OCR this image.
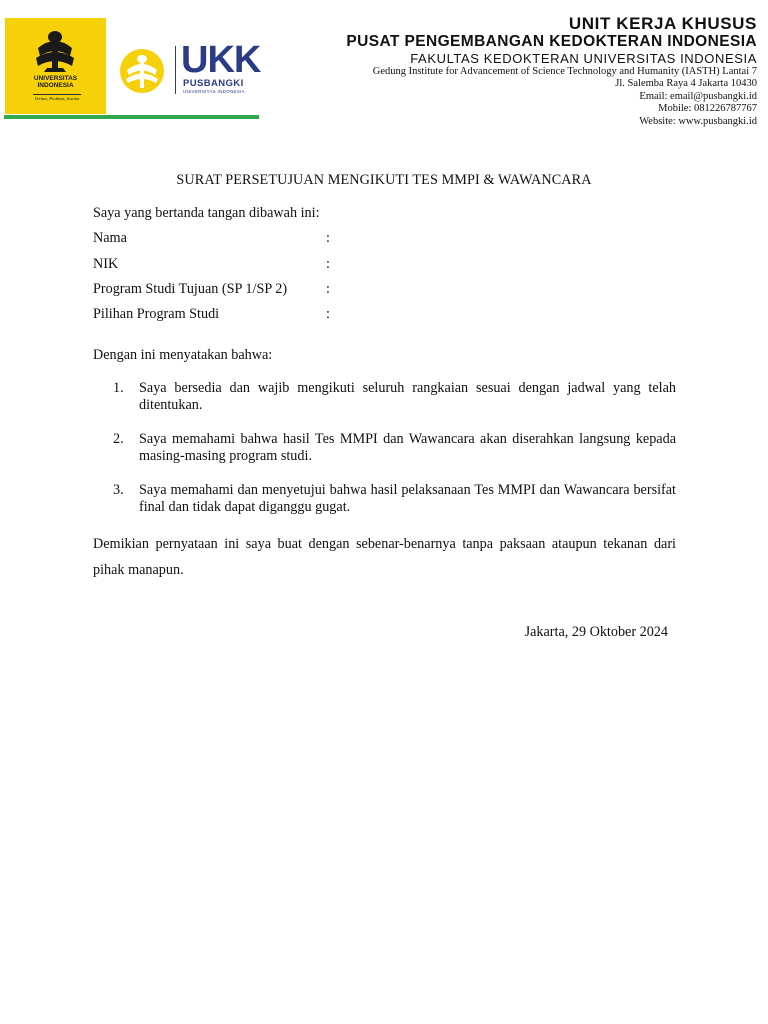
UNIVERSITAS
INDONESIA
Veritas, Probitas, Iustitia
UKK
PUSBANGKI
UNIVERSITAS INDONESIA
UNIT KERJA KHUSUS
PUSAT PENGEMBANGAN KEDOKTERAN INDONESIA
FAKULTAS KEDOKTERAN UNIVERSITAS INDONESIA
Gedung Institute for Advancement of Science Technology and Humanity (IASTH) Lantai 7
Jl. Salemba Raya 4 Jakarta 10430
Email: email@pusbangki.id
Mobile: 081226787767
Website: www.pusbangki.id
SURAT PERSETUJUAN MENGIKUTI TES MMPI & WAWANCARA
Saya yang bertanda tangan dibawah ini:
Nama	:
NIK	:
Program Studi Tujuan (SP 1/SP 2)	:
Pilihan Program Studi	:
Dengan ini menyatakan bahwa:
1. Saya bersedia dan wajib mengikuti seluruh rangkaian sesuai dengan jadwal yang telah ditentukan.
2. Saya memahami bahwa hasil Tes MMPI dan Wawancara akan diserahkan langsung kepada masing-masing program studi.
3. Saya memahami dan menyetujui bahwa hasil pelaksanaan Tes MMPI dan Wawancara bersifat final dan tidak dapat diganggu gugat.
Demikian pernyataan ini saya buat dengan sebenar-benarnya tanpa paksaan ataupun tekanan dari pihak manapun.
Jakarta, 29 Oktober 2024
